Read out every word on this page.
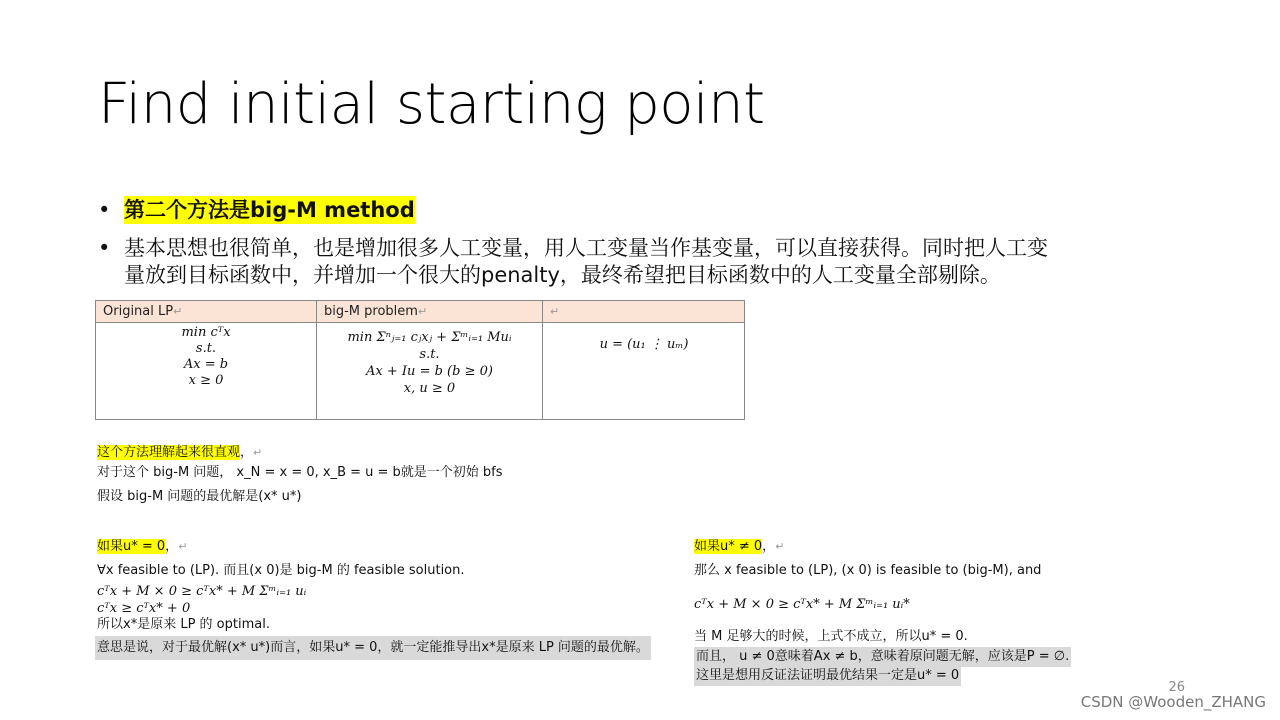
Find initial starting point
• 第二个方法是big-M method
• 基本思想也很简单，也是增加很多人工变量，用人工变量当作基变量，可以直接获得。同时把人工变
量放到目标函数中，并增加一个很大的penalty，最终希望把目标函数中的人工变量全部剔除。
Original LP↵	big-M problem↵	↵
min cᵀx
s.t.
Ax = b
x ≥ 0
min Σⁿⱼ₌₁ cⱼxⱼ + Σᵐᵢ₌₁ Muᵢ
s.t.
Ax + Iu = b (b ≥ 0)
x, u ≥ 0
u = (u₁ ⋮ uₘ)
这个方法理解起来很直观，↵
对于这个 big-M 问题， x_N = x = 0, x_B = u = b就是一个初始 bfs
假设 big-M 问题的最优解是(x* u*)
如果u* = 0，↵
∀x feasible to (LP). 而且(x 0)是 big-M 的 feasible solution.
cᵀx + M × 0 ≥ cᵀx* + M Σᵐᵢ₌₁ uᵢ
cᵀx ≥ cᵀx* + 0
所以x*是原来 LP 的 optimal.
意思是说，对于最优解(x* u*)而言，如果u* = 0，就一定能推导出x*是原来 LP 问题的最优解。
如果u* ≠ 0，↵
那么 x feasible to (LP), (x 0) is feasible to (big-M), and
cᵀx + M × 0 ≥ cᵀx* + M Σᵐᵢ₌₁ uᵢ*
当 M 足够大的时候，上式不成立，所以u* = 0.
而且， u ≠ 0意味着Ax ≠ b，意味着原问题无解，应该是P = ∅.
这里是想用反证法证明最优结果一定是u* = 0
26
CSDN @Wooden_ZHANG
